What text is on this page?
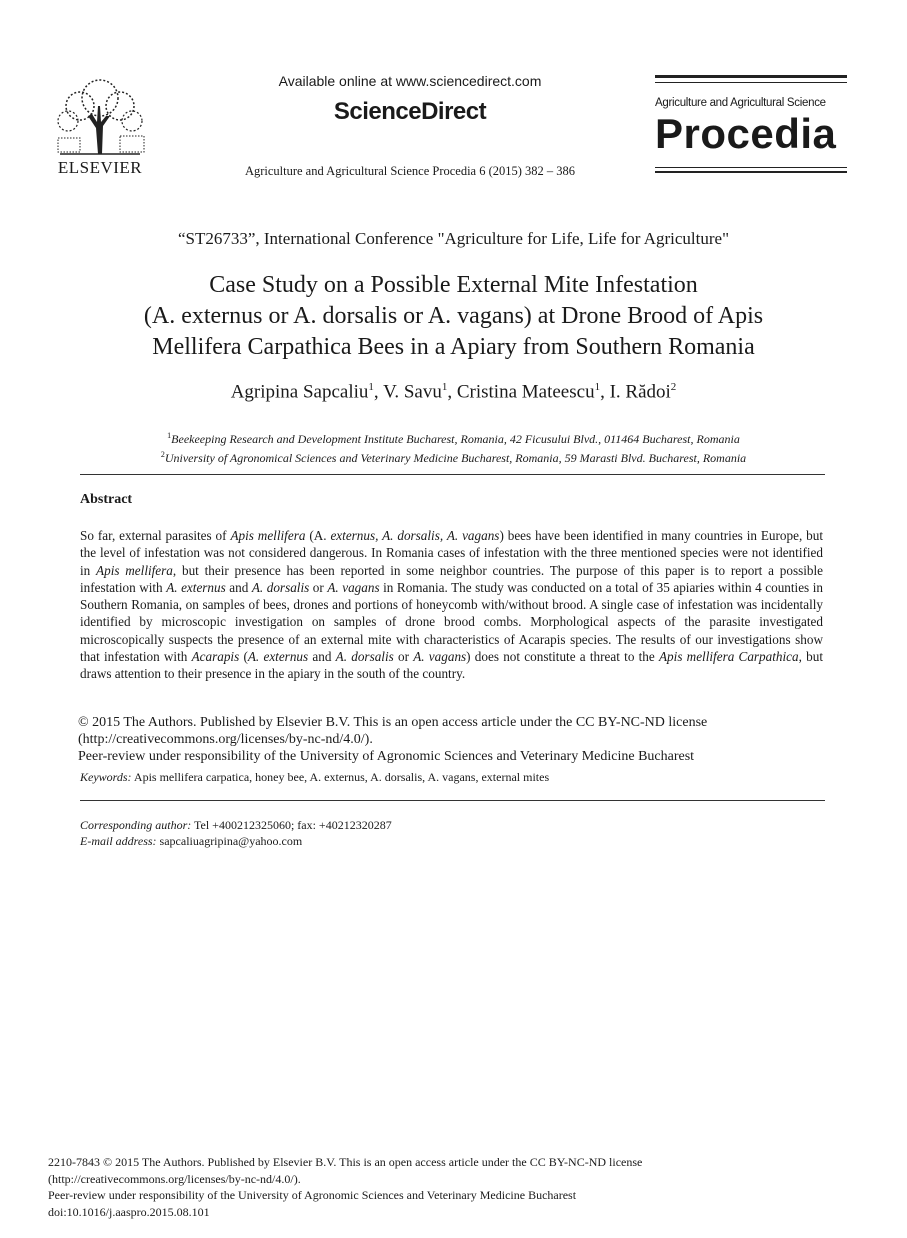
ELSEVIER
Available online at www.sciencedirect.com
ScienceDirect
Agriculture and Agricultural Science Procedia 6 (2015) 382 – 386
Agriculture and Agricultural Science
Procedia
“ST26733”, International Conference "Agriculture for Life, Life for Agriculture"
Case Study on a Possible External Mite Infestation
(A. externus or A. dorsalis or A. vagans) at Drone Brood of Apis
Mellifera Carpathica Bees in a Apiary from Southern Romania
Agripina Sapcaliu$^1$, V. Savu$^1$, Cristina Mateescu$^1$, I. Rădoi$^2$
$^1$Beekeeping Research and Development Institute Bucharest, Romania, 42 Ficusului Blvd., 011464 Bucharest, Romania
$^2$University of Agronomical Sciences and Veterinary Medicine Bucharest, Romania, 59 Marasti Blvd. Bucharest, Romania
Abstract
So far, external parasites of Apis mellifera (A. externus, A. dorsalis, A. vagans) bees have been identified in many countries in Europe, but the level of infestation was not considered dangerous. In Romania cases of infestation with the three mentioned species were not identified in Apis mellifera, but their presence has been reported in some neighbor countries. The purpose of this paper is to report a possible infestation with A. externus and A. dorsalis or A. vagans in Romania. The study was conducted on a total of 35 apiaries within 4 counties in Southern Romania, on samples of bees, drones and portions of honeycomb with/without brood. A single case of infestation was incidentally identified by microscopic investigation on samples of drone brood combs. Morphological aspects of the parasite investigated microscopically suspects the presence of an external mite with characteristics of Acarapis species. The results of our investigations show that infestation with Acarapis (A. externus and A. dorsalis or A. vagans) does not constitute a threat to the Apis mellifera Carpathica, but draws attention to their presence in the apiary in the south of the country.
© 2015 The Authors. Published by Elsevier B.V. This is an open access article under the CC BY-NC-ND license
(http://creativecommons.org/licenses/by-nc-nd/4.0/).
Peer-review under responsibility of the University of Agronomic Sciences and Veterinary Medicine Bucharest
Keywords: Apis mellifera carpatica, honey bee, A. externus, A. dorsalis, A. vagans, external mites
Corresponding author: Tel +400212325060; fax: +40212320287
E-mail address: sapcaliuagripina@yahoo.com
2210-7843 © 2015 The Authors. Published by Elsevier B.V. This is an open access article under the CC BY-NC-ND license
(http://creativecommons.org/licenses/by-nc-nd/4.0/).
Peer-review under responsibility of the University of Agronomic Sciences and Veterinary Medicine Bucharest
doi:10.1016/j.aaspro.2015.08.101
